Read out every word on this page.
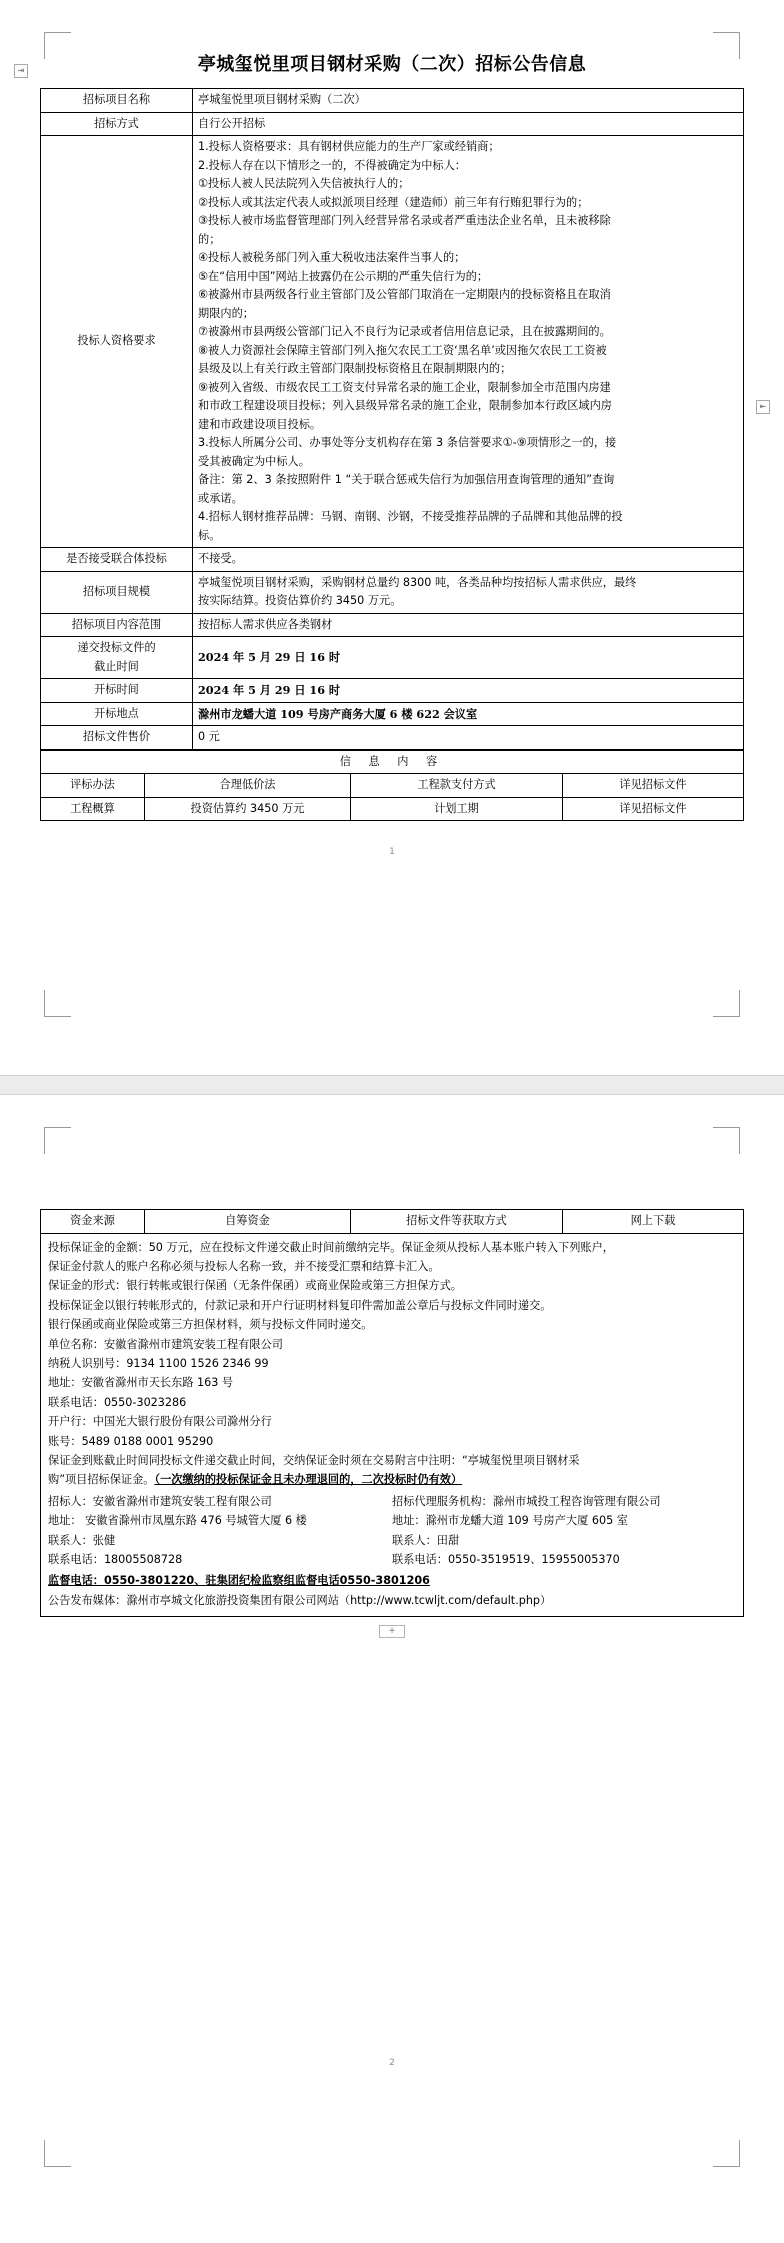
⇥
⇤
亭城玺悦里项目钢材采购（二次）招标公告信息
招标项目名称	亭城玺悦里项目钢材采购（二次）
招标方式	自行公开招标
投标人资格要求	

1.投标人资格要求：具有钢材供应能力的生产厂家或经销商；

2.投标人存在以下情形之一的，不得被确定为中标人：

①投标人被人民法院列入失信被执行人的；

②投标人或其法定代表人或拟派项目经理（建造师）前三年有行贿犯罪行为的；

③投标人被市场监督管理部门列入经营异常名录或者严重违法企业名单，且未被移除

的；

④投标人被税务部门列入重大税收违法案件当事人的；

⑤在“信用中国”网站上披露仍在公示期的严重失信行为的；

⑥被滁州市县两级各行业主管部门及公管部门取消在一定期限内的投标资格且在取消

期限内的；

⑦被滁州市县两级公管部门记入不良行为记录或者信用信息记录，且在披露期间的。

⑧被人力资源社会保障主管部门列入拖欠农民工工资‘黑名单’或因拖欠农民工工资被

县级及以上有关行政主管部门限制投标资格且在限制期限内的；

⑨被列入省级、市级农民工工资支付异常名录的施工企业，限制参加全市范围内房建

和市政工程建设项目投标；列入县级异常名录的施工企业，限制参加本行政区域内房

建和市政建设项目投标。

3.投标人所属分公司、办事处等分支机构存在第 3 条信誉要求①-⑨项情形之一的，接

受其被确定为中标人。

备注：第 2、3 条按照附件 1 “关于联合惩戒失信行为加强信用查询管理的通知”查询

或承诺。

4.招标人钢材推荐品牌：马钢、南钢、沙钢，不接受推荐品牌的子品牌和其他品牌的投

标。

是否接受联合体投标	不接受。
招标项目规模	亭城玺悦项目钢材采购，采购钢材总量约 8300 吨，各类品种均按招标人需求供应，最终

按实际结算。投资估算价约 3450 万元。

招标项目内容范围	按招标人需求供应各类钢材

递交投标文件的

截止时间	2024 年 5 月 29 日 16 时
开标时间	2024 年 5 月 29 日 16 时
开标地点	滁州市龙蟠大道 109 号房产商务大厦 6 楼 622 会议室
招标文件售价	0 元
信 息 内 容			
评标办法	合理低价法	工程款支付方式	详见招标文件
工程概算	投资估算约 3450 万元	计划工期	详见招标文件
1
资金来源	自筹资金	招标文件等获取方式	网上下载

投标保证金的金额：50 万元，应在投标文件递交截止时间前缴纳完毕。保证金须从投标人基本账户转入下列账户，

保证金付款人的账户名称必须与投标人名称一致，并不接受汇票和结算卡汇入。

保证金的形式：银行转帐或银行保函（无条件保函）或商业保险或第三方担保方式。

投标保证金以银行转帐形式的，付款记录和开户行证明材料复印件需加盖公章后与投标文件同时递交。

银行保函或商业保险或第三方担保材料，须与投标文件同时递交。

单位名称：安徽省滁州市建筑安装工程有限公司

纳税人识别号：9134 1100 1526 2346 99

地址：安徽省滁州市天长东路 163 号

联系电话：0550-3023286

开户行：中国光大银行股份有限公司滁州分行

账号：5489 0188 0001 95290

保证金到账截止时间同投标文件递交截止时间，交纳保证金时须在交易附言中注明：“亭城玺悦里项目钢材采

购”项目招标保证金。（一次缴纳的投标保证金且未办理退回的，二次投标时仍有效）

招标人：安徽省滁州市建筑安装工程有限公司

地址： 安徽省滁州市凤凰东路 476 号城管大厦 6 楼

联系人：张健

联系电话：18005508728

招标代理服务机构：滁州市城投工程咨询管理有限公司

地址：滁州市龙蟠大道 109 号房产大厦 605 室

联系人：田甜

联系电话：0550-3519519、15955005370

监督电话：0550-3801220、驻集团纪检监察组监督电话0550-3801206

公告发布媒体：滁州市亭城文化旅游投资集团有限公司网站（http://www.tcwljt.com/default.php）

+
2
